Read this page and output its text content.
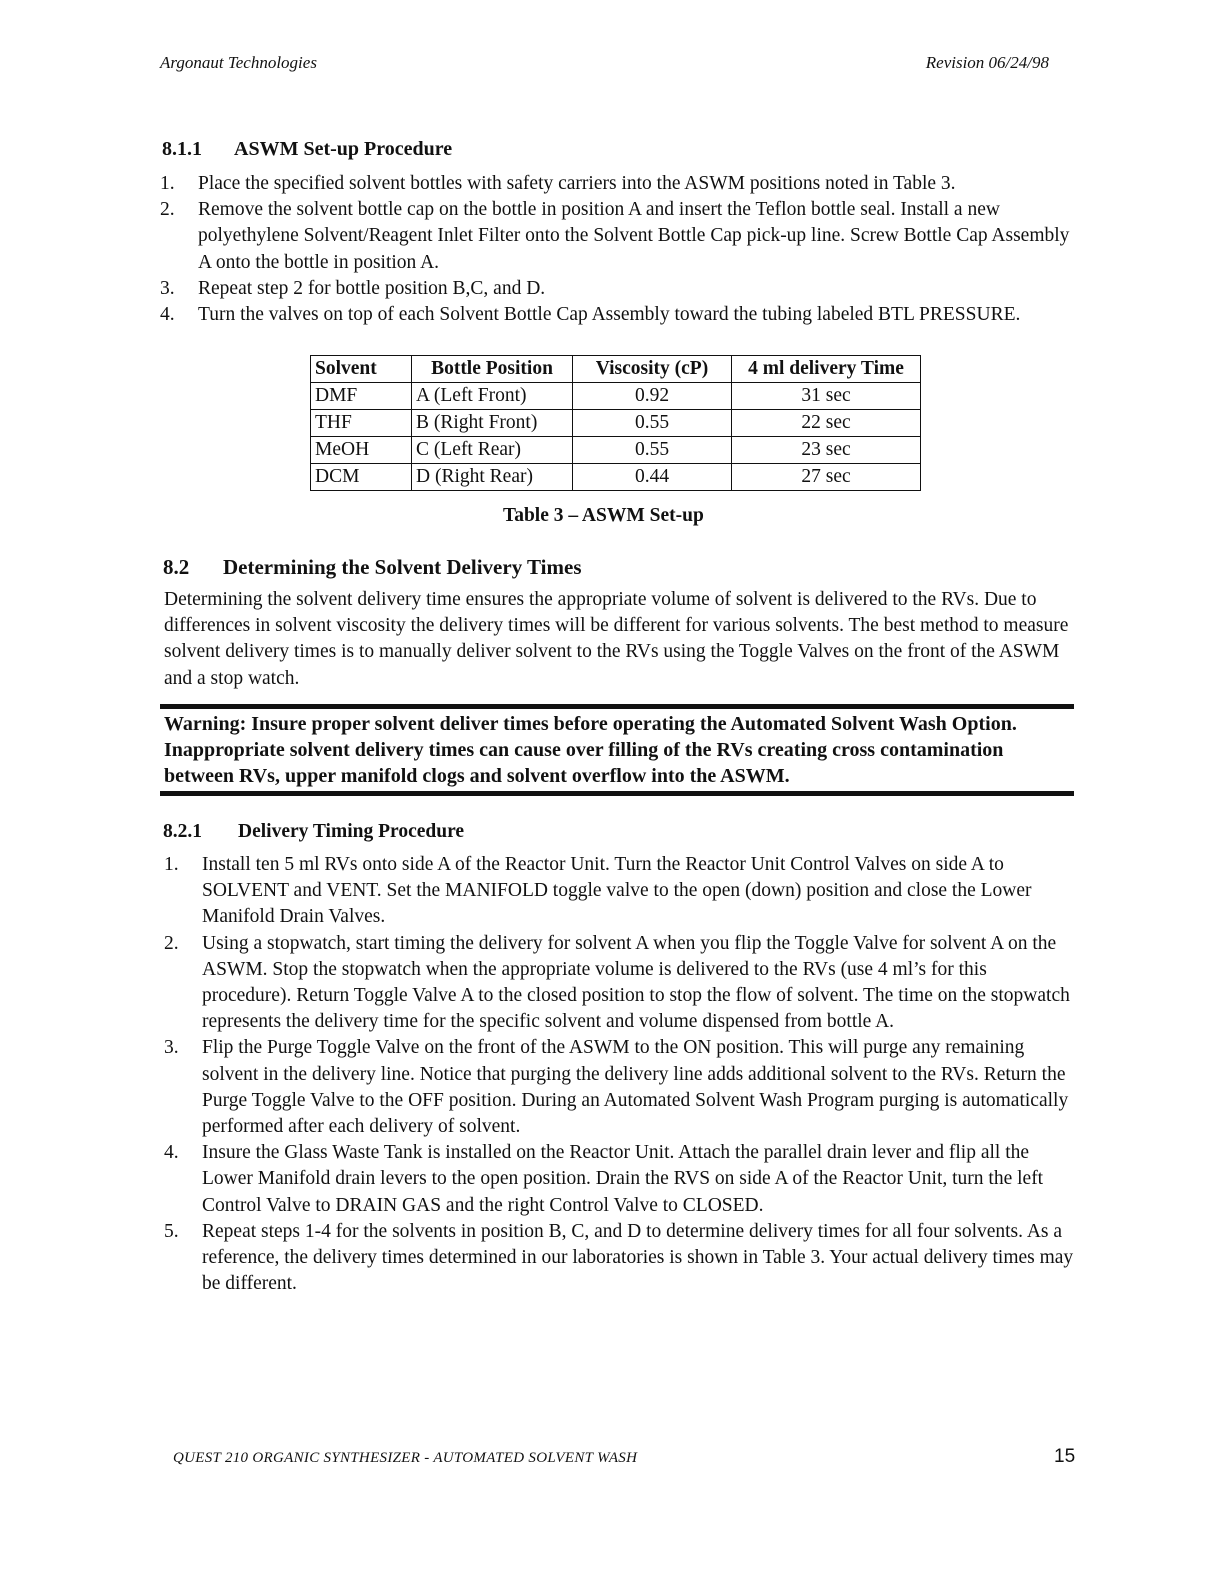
Argonaut Technologies	Revision 06/24/98
8.1.1 ASWM Set-up Procedure
1. Place the specified solvent bottles with safety carriers into the ASWM positions noted in Table 3.
2. Remove the solvent bottle cap on the bottle in position A and insert the Teflon bottle seal. Install a new polyethylene Solvent/Reagent Inlet Filter onto the Solvent Bottle Cap pick-up line. Screw Bottle Cap Assembly A onto the bottle in position A.
3. Repeat step 2 for bottle position B,C, and D.
4. Turn the valves on top of each Solvent Bottle Cap Assembly toward the tubing labeled BTL PRESSURE.
Solvent	Bottle Position	Viscosity (cP)	4 ml delivery Time
DMF	A (Left Front)	0.92	31 sec
THF	B (Right Front)	0.55	22 sec
MeOH	C (Left Rear)	0.55	23 sec
DCM	D (Right Rear)	0.44	27 sec
Table 3 – ASWM Set-up
8.2 Determining the Solvent Delivery Times
Determining the solvent delivery time ensures the appropriate volume of solvent is delivered to the RVs. Due to differences in solvent viscosity the delivery times will be different for various solvents. The best method to measure solvent delivery times is to manually deliver solvent to the RVs using the Toggle Valves on the front of the ASWM and a stop watch.
Warning: Insure proper solvent deliver times before operating the Automated Solvent Wash Option. Inappropriate solvent delivery times can cause over filling of the RVs creating cross contamination between RVs, upper manifold clogs and solvent overflow into the ASWM.
8.2.1 Delivery Timing Procedure
1. Install ten 5 ml RVs onto side A of the Reactor Unit. Turn the Reactor Unit Control Valves on side A to SOLVENT and VENT. Set the MANIFOLD toggle valve to the open (down) position and close the Lower Manifold Drain Valves.
2. Using a stopwatch, start timing the delivery for solvent A when you flip the Toggle Valve for solvent A on the ASWM. Stop the stopwatch when the appropriate volume is delivered to the RVs (use 4 ml’s for this procedure). Return Toggle Valve A to the closed position to stop the flow of solvent. The time on the stopwatch represents the delivery time for the specific solvent and volume dispensed from bottle A.
3. Flip the Purge Toggle Valve on the front of the ASWM to the ON position. This will purge any remaining solvent in the delivery line. Notice that purging the delivery line adds additional solvent to the RVs. Return the Purge Toggle Valve to the OFF position. During an Automated Solvent Wash Program purging is automatically performed after each delivery of solvent.
4. Insure the Glass Waste Tank is installed on the Reactor Unit. Attach the parallel drain lever and flip all the Lower Manifold drain levers to the open position. Drain the RVS on side A of the Reactor Unit, turn the left Control Valve to DRAIN GAS and the right Control Valve to CLOSED.
5. Repeat steps 1-4 for the solvents in position B, C, and D to determine delivery times for all four solvents. As a reference, the delivery times determined in our laboratories is shown in Table 3. Your actual delivery times may be different.
QUEST 210 ORGANIC SYNTHESIZER - AUTOMATED SOLVENT WASH	15
